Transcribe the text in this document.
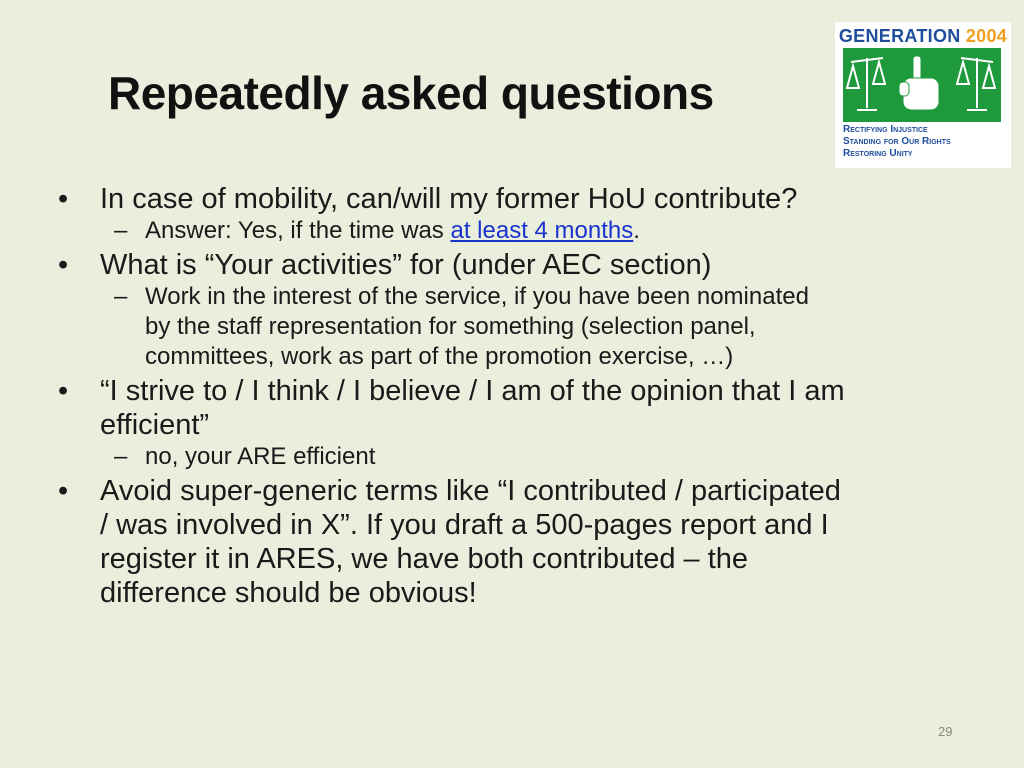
Repeatedly asked questions
GENERATION 2004
Rectifying Injustice
Standing for Our Rights
Restoring Unity
• In case of mobility, can/will my former HoU contribute?
– Answer: Yes, if the time was at least 4 months.
• What is “Your activities” for (under AEC section)
– Work in the interest of the service, if you have been nominated
by the staff representation for something (selection panel,
committees, work as part of the promotion exercise, …)
• “I strive to / I think / I believe / I am of the opinion that I am
efficient”
– no, your ARE efficient
• Avoid super-generic terms like “I contributed / participated
/ was involved in X”. If you draft a 500-pages report and I
register it in ARES, we have both contributed – the
difference should be obvious!
29
